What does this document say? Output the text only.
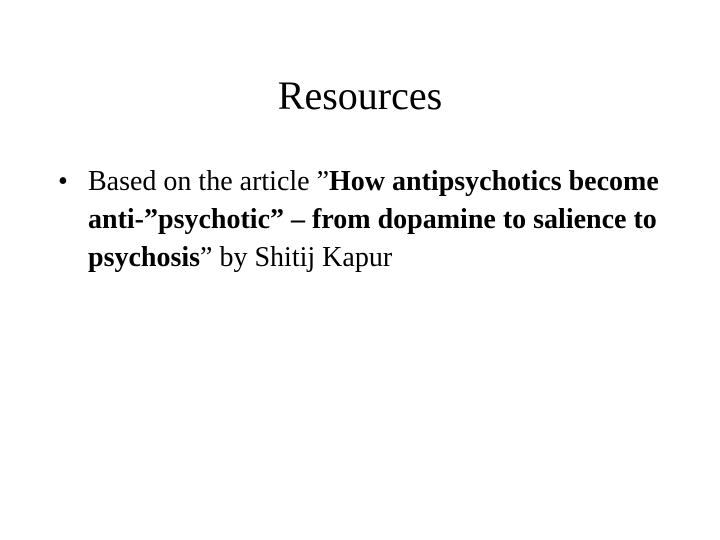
Resources
• Based on the article ”How antipsychotics become anti-”psychotic” – from dopamine to salience to psychosis” by Shitij Kapur
